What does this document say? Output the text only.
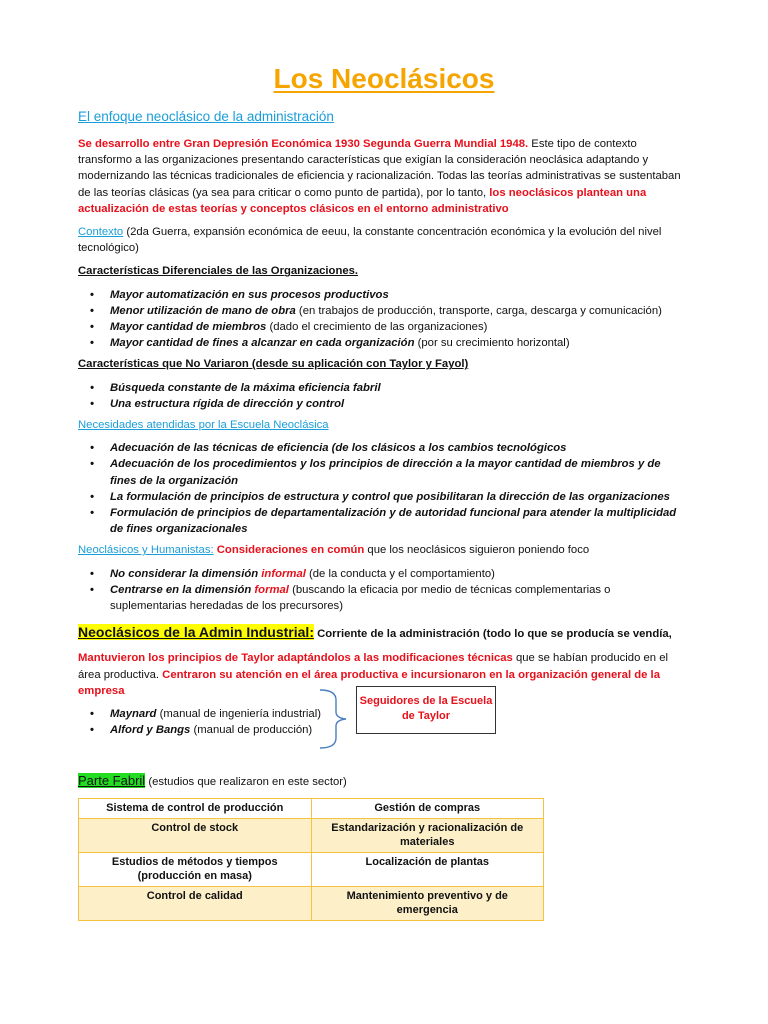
Los Neoclásicos
El enfoque neoclásico de la administración

Se desarrollo entre Gran Depresión Económica 1930 Segunda Guerra Mundial 1948. Este tipo de contexto transformo a las organizaciones presentando características que exigían la consideración neoclásica adaptando y modernizando las técnicas tradicionales de eficiencia y racionalización. Todas las teorías administrativas se sustentaban de las teorías clásicas (ya sea para criticar o como punto de partida), por lo tanto, los neoclásicos plantean una actualización de estas teorías y conceptos clásicos en el entorno administrativo

Contexto (2da Guerra, expansión económica de eeuu, la constante concentración económica y la evolución del nivel tecnológico)

Características Diferenciales de las Organizaciones.

• Mayor automatización en sus procesos productivos
• Menor utilización de mano de obra (en trabajos de producción, transporte, carga, descarga y comunicación)
• Mayor cantidad de miembros (dado el crecimiento de las organizaciones)
• Mayor cantidad de fines a alcanzar en cada organización (por su crecimiento horizontal)

Características que No Variaron (desde su aplicación con Taylor y Fayol)

• Búsqueda constante de la máxima eficiencia fabril
• Una estructura rígida de dirección y control

Necesidades atendidas por la Escuela Neoclásica

• Adecuación de las técnicas de eficiencia (de los clásicos a los cambios tecnológicos
• Adecuación de los procedimientos y los principios de dirección a la mayor cantidad de miembros y de fines de la organización
• La formulación de principios de estructura y control que posibilitaran la dirección de las organizaciones
• Formulación de principios de departamentalización y de autoridad funcional para atender la multiplicidad de fines organizacionales

Neoclásicos y Humanistas: Consideraciones en común que los neoclásicos siguieron poniendo foco

• No considerar la dimensión informal (de la conducta y el comportamiento)
• Centrarse en la dimensión formal (buscando la eficacia por medio de técnicas complementarias o suplementarias heredadas de los precursores)

Neoclásicos de la Admin Industrial: Corriente de la administración (todo lo que se producía se vendía,

Mantuvieron los principios de Taylor adaptándolos a las modificaciones técnicas que se habían producido en el área productiva. Centraron su atención en el área productiva e incursionaron en la organización general de la empresa

• Maynard (manual de ingeniería industrial)
• Alford y Bangs (manual de producción)
Seguidores de la Escuela de Taylor
Parte Fabril (estudios que realizaron en este sector)
Sistema de control de producción	Gestión de compras
Control de stock	Estandarización y racionalización de materiales
Estudios de métodos y tiempos (producción en masa)	Localización de plantas
Control de calidad	Mantenimiento preventivo y de emergencia
